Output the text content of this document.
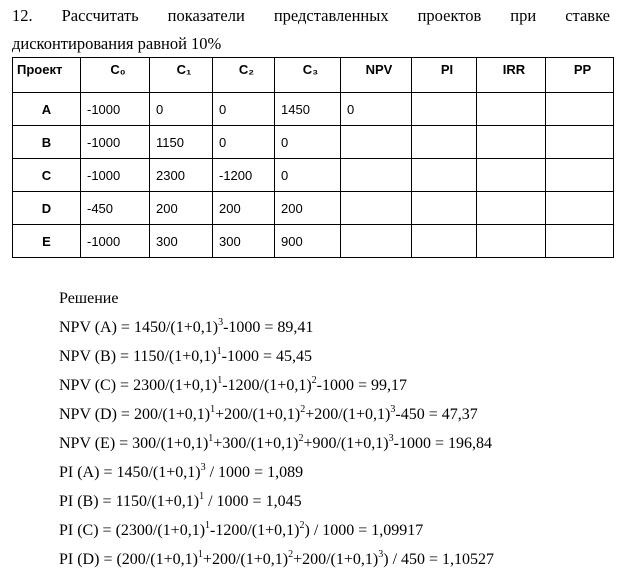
12. Рассчитать показатели представленных проектов при ставке
дисконтирования равной 10%
Проект	C₀	C₁	C₂	C₃	NPV	PI	IRR	PP
A	-1000	0	0	1450	0			
B	-1000	1150	0	0				
C	-1000	2300	-1200	0				
D	-450	200	200	200				
E	-1000	300	300	900				
Решение
NPV $(A) = 1450/(1+0,1)^3-1000 = 89,41$
NPV $(B) = 1150/(1+0,1)^1-1000 = 45,45$
NPV $(C) = 2300/(1+0,1)^1-1200/(1+0,1)^2-1000 = 99,17$
NPV $(D) = 200/(1+0,1)^1+200/(1+0,1)^2+200/(1+0,1)^3-450 = 47,37$
NPV $(E) = 300/(1+0,1)^1+300/(1+0,1)^2+900/(1+0,1)^3-1000 = 196,84$
PI $(A) = 1450/(1+0,1)^3 / 1000 = 1,089$
PI $(B) = 1150/(1+0,1)^1 / 1000 = 1,045$
PI $(C) = (2300/(1+0,1)^1-1200/(1+0,1)^2) / 1000 = 1,09917$
PI $(D) = (200/(1+0,1)^1+200/(1+0,1)^2+200/(1+0,1)^3) / 450 = 1,10527$
